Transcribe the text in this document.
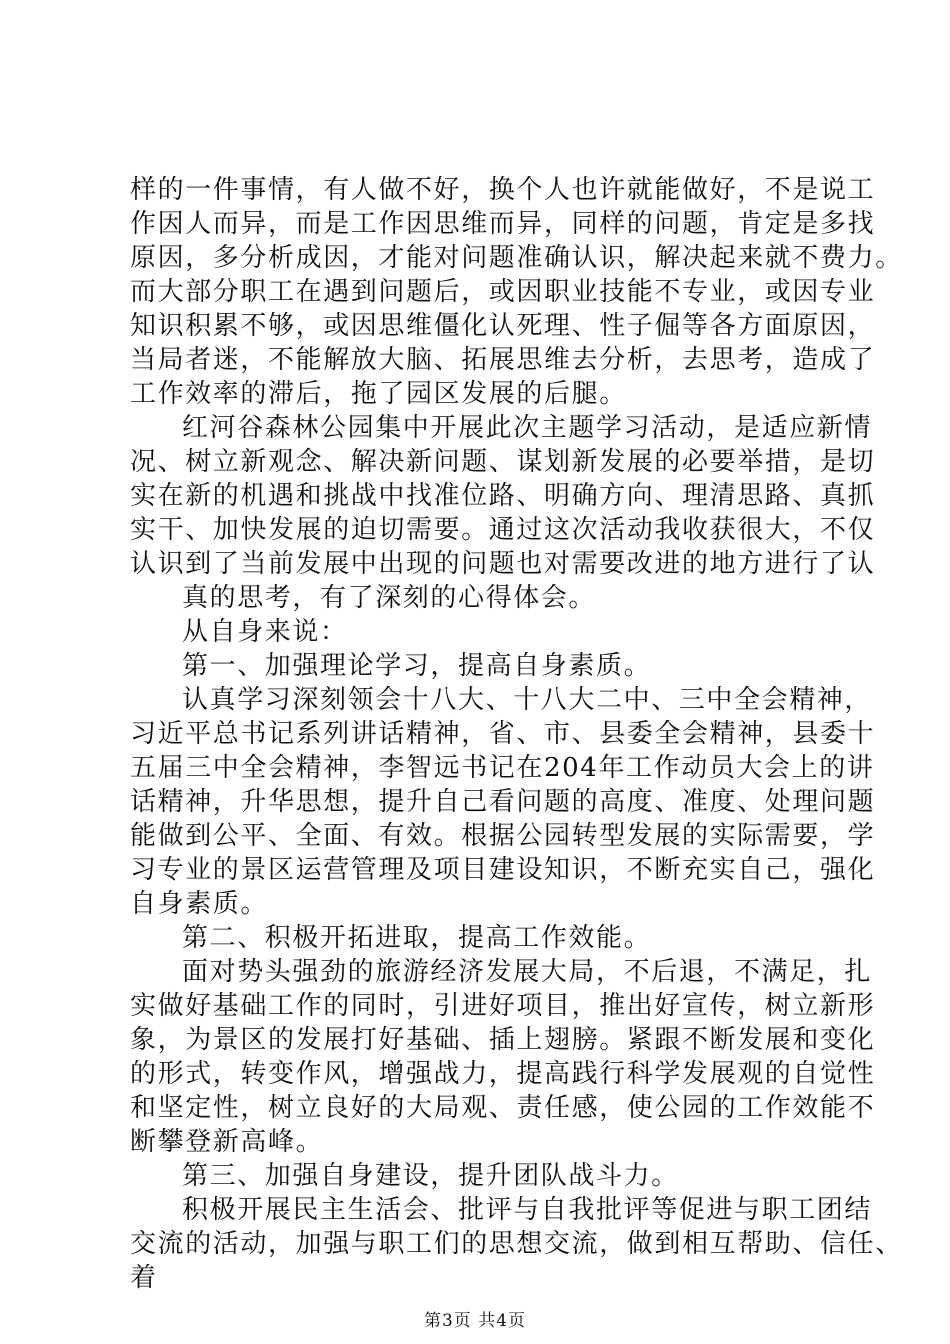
样的一件事情，有人做不好，换个人也许就能做好，不是说工
作因人而异，而是工作因思维而异，同样的问题，肯定是多找
原因，多分析成因，才能对问题准确认识，解决起来就不费力。
而大部分职工在遇到问题后，或因职业技能不专业，或因专业
知识积累不够，或因思维僵化认死理、性子倔等各方面原因，
当局者迷，不能解放大脑、拓展思维去分析，去思考，造成了
工作效率的滞后，拖了园区发展的后腿。
红河谷森林公园集中开展此次主题学习活动，是适应新情
况、树立新观念、解决新问题、谋划新发展的必要举措，是切
实在新的机遇和挑战中找准位路、明确方向、理清思路、真抓
实干、加快发展的迫切需要。通过这次活动我收获很大，不仅
认识到了当前发展中出现的问题也对需要改进的地方进行了认
真的思考，有了深刻的心得体会。
从自身来说：
第一、加强理论学习，提高自身素质。
认真学习深刻领会十八大、十八大二中、三中全会精神，
习近平总书记系列讲话精神，省、市、县委全会精神，县委十
五届三中全会精神，李智远书记在204年工作动员大会上的讲
话精神，升华思想，提升自己看问题的高度、准度、处理问题
能做到公平、全面、有效。根据公园转型发展的实际需要，学
习专业的景区运营管理及项目建设知识，不断充实自己，强化
自身素质。
第二、积极开拓进取，提高工作效能。
面对势头强劲的旅游经济发展大局，不后退，不满足，扎
实做好基础工作的同时，引进好项目，推出好宣传，树立新形
象，为景区的发展打好基础、插上翅膀。紧跟不断发展和变化
的形式，转变作风，增强战力，提高践行科学发展观的自觉性
和坚定性，树立良好的大局观、责任感，使公园的工作效能不
断攀登新高峰。
第三、加强自身建设，提升团队战斗力。
积极开展民主生活会、批评与自我批评等促进与职工团结
交流的活动，加强与职工们的思想交流，做到相互帮助、信任、
着
第3页 共4页
